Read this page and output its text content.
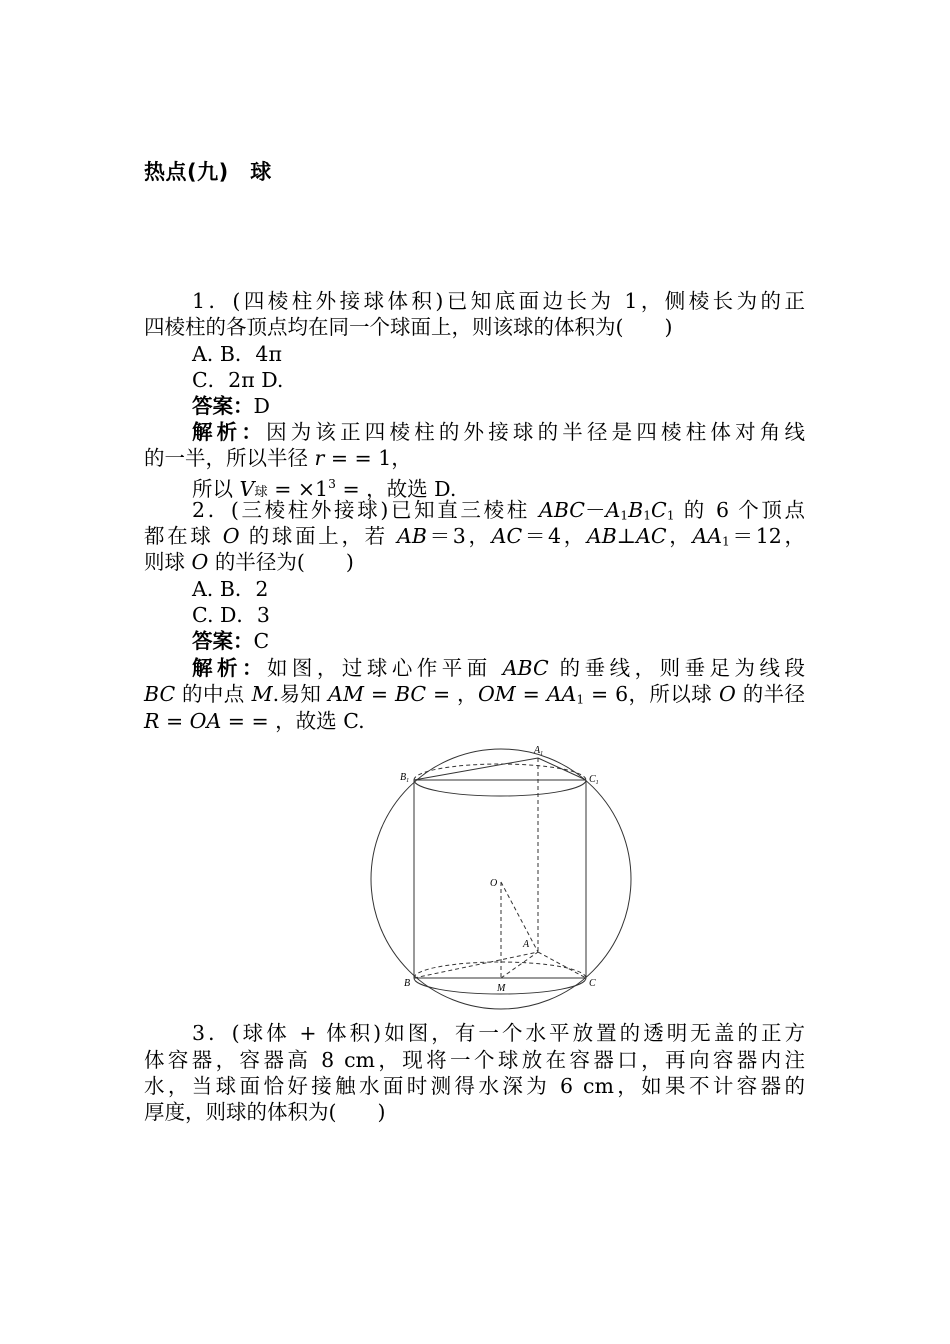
热点(九)　球
1．(四棱柱外接球体积)已知底面边长为 1，侧棱长为的正
四棱柱的各顶点均在同一个球面上，则该球的体积为(　　)
A. B．4π
C．2π D.
答案：D
解析：因为该正四棱柱的外接球的半径是四棱柱体对角线
的一半，所以半径 r = = 1，
所以 V球 = $\times 1^3$ = ，故选 D.
2．(三棱柱外接球)已知直三棱柱 $ABC-A_1B_1C_1$ 的 6 个顶点
都在球 O 的球面上，若 AB＝3，AC＝4，AB⊥AC，$AA_1=12$，
则球 O 的半径为(　　)
A. B．2
C. D．3
答案：C
解析：如图，过球心作平面 ABC 的垂线，则垂足为线段
BC 的中点 M.易知 AM = BC = ，OM = $AA_1 = 6$，所以球 O 的半径
R = OA = = ，故选 C.
$A_1$
$B_1$	$C_1$
O
A
B	C
M
3．(球体 + 体积)如图，有一个水平放置的透明无盖的正方
体容器，容器高 8 cm，现将一个球放在容器口，再向容器内注
水，当球面恰好接触水面时测得水深为 6 cm，如果不计容器的
厚度，则球的体积为(　　)
